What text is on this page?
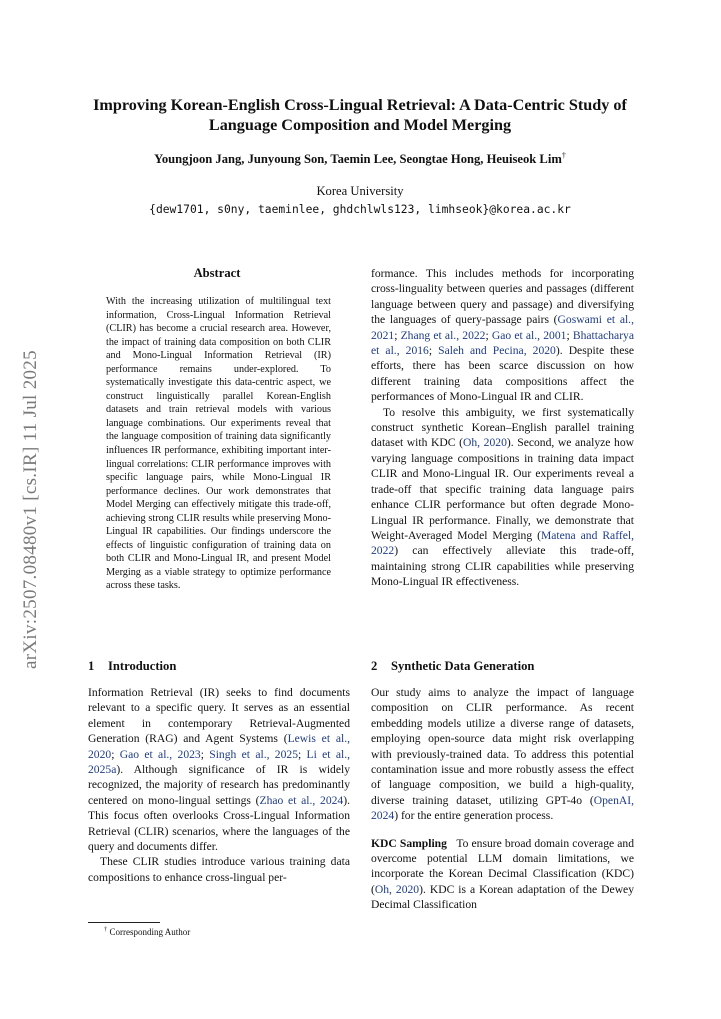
arXiv:2507.08480v1 [cs.IR] 11 Jul 2025
Improving Korean-English Cross-Lingual Retrieval: A Data-Centric Study of Language Composition and Model Merging
Youngjoon Jang, Junyoung Son, Taemin Lee, Seongtae Hong, Heuiseok Lim†
Korea University
{dew1701, s0ny, taeminlee, ghdchlwls123, limhseok}@korea.ac.kr
Abstract
With the increasing utilization of multilingual text information, Cross-Lingual Information Retrieval (CLIR) has become a crucial research area. However, the impact of training data composition on both CLIR and Mono-Lingual Information Retrieval (IR) performance remains under-explored. To systematically investigate this data-centric aspect, we construct linguistically parallel Korean-English datasets and train retrieval models with various language combinations. Our experiments reveal that the language composition of training data significantly influences IR performance, exhibiting important inter-lingual correlations: CLIR performance improves with specific language pairs, while Mono-Lingual IR performance declines. Our work demonstrates that Model Merging can effectively mitigate this trade-off, achieving strong CLIR results while preserving Mono-Lingual IR capabilities. Our findings underscore the effects of linguistic configuration of training data on both CLIR and Mono-Lingual IR, and present Model Merging as a viable strategy to optimize performance across these tasks.
1 Introduction

Information Retrieval (IR) seeks to find documents relevant to a specific query. It serves as an essential element in contemporary Retrieval-Augmented Generation (RAG) and Agent Systems (Lewis et al., 2020; Gao et al., 2023; Singh et al., 2025; Li et al., 2025a). Although significance of IR is widely recognized, the majority of research has predominantly centered on mono-lingual settings (Zhao et al., 2024). This focus often overlooks Cross-Lingual Information Retrieval (CLIR) scenarios, where the languages of the query and documents differ.

These CLIR studies introduce various training data compositions to enhance cross-lingual per-

† Corresponding Author

formance. This includes methods for incorporating cross-linguality between queries and passages (different language between query and passage) and diversifying the languages of query-passage pairs (Goswami et al., 2021; Zhang et al., 2022; Gao et al., 2001; Bhattacharya et al., 2016; Saleh and Pecina, 2020). Despite these efforts, there has been scarce discussion on how different training data compositions affect the performances of Mono-Lingual IR and CLIR.

To resolve this ambiguity, we first systematically construct synthetic Korean–English parallel training dataset with KDC (Oh, 2020). Second, we analyze how varying language compositions in training data impact CLIR and Mono-Lingual IR. Our experiments reveal a trade-off that specific training data language pairs enhance CLIR performance but often degrade Mono-Lingual IR performance. Finally, we demonstrate that Weight-Averaged Model Merging (Matena and Raffel, 2022) can effectively alleviate this trade-off, maintaining strong CLIR capabilities while preserving Mono-Lingual IR effectiveness.

2 Synthetic Data Generation

Our study aims to analyze the impact of language composition on CLIR performance. As recent embedding models utilize a diverse range of datasets, employing open-source data might risk overlapping with previously-trained data. To address this potential contamination issue and more robustly assess the effect of language composition, we build a high-quality, diverse training dataset, utilizing GPT-4o (OpenAI, 2024) for the entire generation process.

KDC Sampling To ensure broad domain coverage and overcome potential LLM domain limitations, we incorporate the Korean Decimal Classification (KDC) (Oh, 2020). KDC is a Korean adaptation of the Dewey Decimal Classification
